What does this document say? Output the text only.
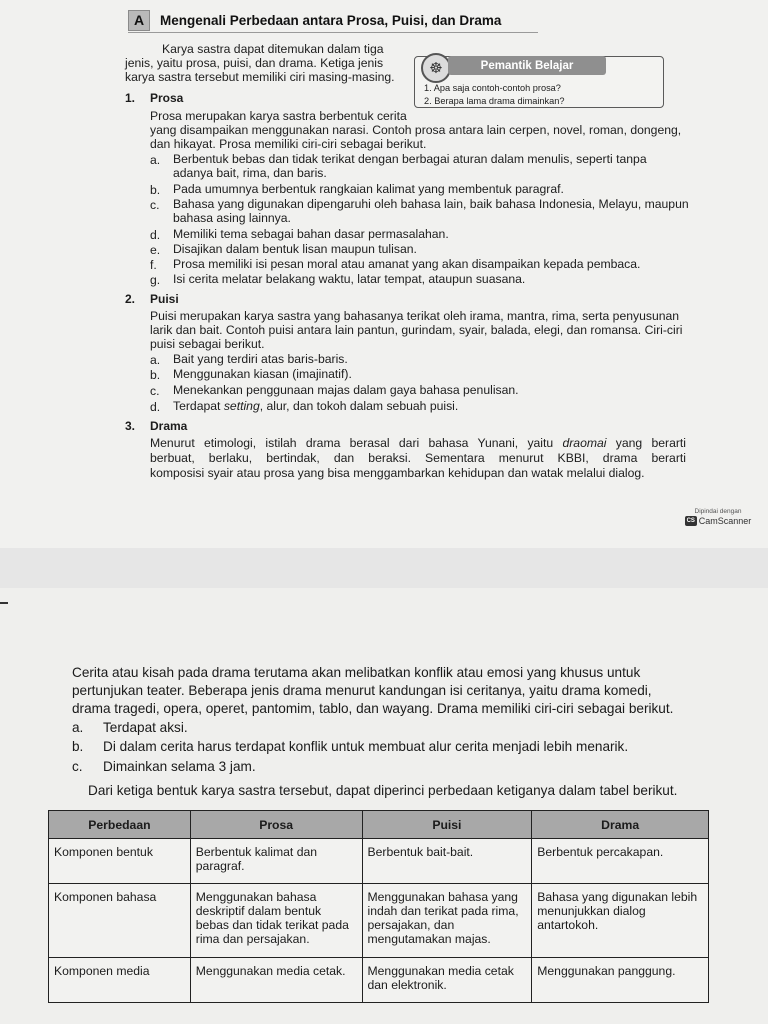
A	Mengenali Perbedaan antara Prosa, Puisi, dan Drama
Karya sastra dapat ditemukan dalam tiga
jenis, yaitu prosa, puisi, dan drama. Ketiga jenis
karya sastra tersebut memiliki ciri masing-masing.	☸	Pemantik Belajar
1. Apa saja contoh-contoh prosa?
2. Berapa lama drama dimainkan?
1. Prosa
Prosa merupakan karya sastra berbentuk cerita
yang disampaikan menggunakan narasi. Contoh prosa antara lain cerpen, novel, roman, dongeng,
dan hikayat. Prosa memiliki ciri-ciri sebagai berikut.
a. Berbentuk bebas dan tidak terikat dengan berbagai aturan dalam menulis, seperti tanpa
adanya bait, rima, dan baris.
b. Pada umumnya berbentuk rangkaian kalimat yang membentuk paragraf.
c. Bahasa yang digunakan dipengaruhi oleh bahasa lain, baik bahasa Indonesia, Melayu, maupun
bahasa asing lainnya.
d. Memiliki tema sebagai bahan dasar permasalahan.
e. Disajikan dalam bentuk lisan maupun tulisan.
f. Prosa memiliki isi pesan moral atau amanat yang akan disampaikan kepada pembaca.
g. Isi cerita melatar belakang waktu, latar tempat, ataupun suasana.
2. Puisi
Puisi merupakan karya sastra yang bahasanya terikat oleh irama, mantra, rima, serta penyusunan
larik dan bait. Contoh puisi antara lain pantun, gurindam, syair, balada, elegi, dan romansa. Ciri-ciri
puisi sebagai berikut.
a. Bait yang terdiri atas baris-baris.
b. Menggunakan kiasan (imajinatif).
c. Menekankan penggunaan majas dalam gaya bahasa penulisan.
d. Terdapat setting, alur, dan tokoh dalam sebuah puisi.
3. Drama
Menurut etimologi, istilah drama berasal dari bahasa Yunani, yaitu draomai yang berarti
berbuat, berlaku, bertindak, dan beraksi. Sementara menurut KBBI, drama berarti
komposisi syair atau prosa yang bisa menggambarkan kehidupan dan watak melalui dialog.
Dipindai dengan
CS CamScanner
Cerita atau kisah pada drama terutama akan melibatkan konflik atau emosi yang khusus untuk
pertunjukan teater. Beberapa jenis drama menurut kandungan isi ceritanya, yaitu drama komedi,
drama tragedi, opera, operet, pantomim, tablo, dan wayang. Drama memiliki ciri-ciri sebagai berikut.
a. Terdapat aksi.
b. Di dalam cerita harus terdapat konflik untuk membuat alur cerita menjadi lebih menarik.
c. Dimainkan selama 3 jam.
Dari ketiga bentuk karya sastra tersebut, dapat diperinci perbedaan ketiganya dalam tabel berikut.
Perbedaan	Prosa	Puisi	Drama
Komponen bentuk	Berbentuk kalimat dan paragraf.	Berbentuk bait-bait.	Berbentuk percakapan.
Komponen bahasa	Menggunakan bahasa deskriptif dalam bentuk bebas dan tidak terikat pada rima dan persajakan.	Menggunakan bahasa yang indah dan terikat pada rima, persajakan, dan mengutamakan majas.	Bahasa yang digunakan lebih menunjukkan dialog antartokoh.
Komponen media	Menggunakan media cetak.	Menggunakan media cetak dan elektronik.	Menggunakan panggung.
